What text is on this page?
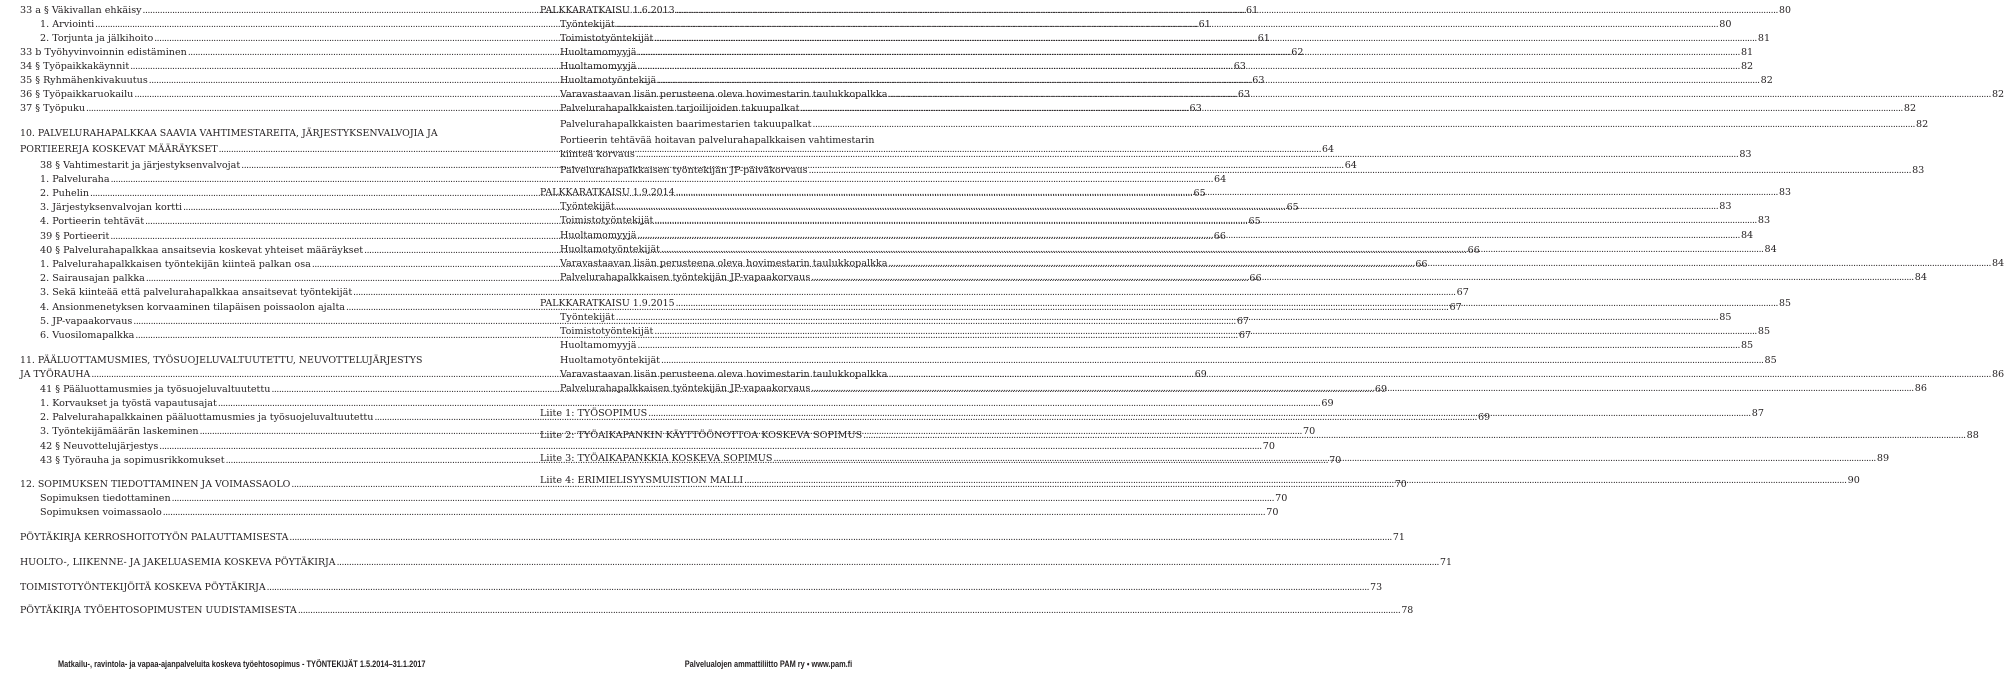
33 a § Väkivallan ehkäisy .....	61
1. Arviointi .....	61
2. Torjunta ja jälkihoito .....	61
33 b Työhyvinvoinnin edistäminen .....	62
34 § Työpaikkakäynnit .....	63
35 § Ryhmähenkivakuutus .....	63
36 § Työpaikkaruokailu .....	63
37 § Työpuku .....	63
10. PALVELURAHAPALKKAA SAAVIA VAHTIMESTAREITA, JÄRJESTYKSENVALVOJIA JA
PORTIEEREJA KOSKEVAT MÄÄRÄYKSET .....	64
38 § Vahtimestarit ja järjestyksenvalvojat .....	64
1. Palveluraha .....	64
2. Puhelin .....	65
3. Järjestyksenvalvojan kortti .....	65
4. Portieerin tehtävät .....	65
39 § Portieerit .....	66
40 § Palvelurahapalkkaa ansaitsevia koskevat yhteiset määräykset .....	66
1. Palvelurahapalkkaisen työntekijän kiinteä palkan osa .....	66
2. Sairausajan palkka .....	66
3. Sekä kiinteää että palvelurahapalkkaa ansaitsevat työntekijät .....	67
4. Ansionmenetyksen korvaaminen tilapäisen poissaolon ajalta .....	67
5. JP-vapaakorvaus .....	67
6. Vuosilomapalkka .....	67
11. PÄÄLUOTTAMUSMIES, TYÖSUOJELUVALTUUTETTU, NEUVOTTELUJÄRJESTYS
JA TYÖRAUHA .....	69
41 § Pääluottamusmies ja työsuojeluvaltuutettu .....	69
1. Korvaukset ja työstä vapautusajat .....	69
2. Palvelurahapalkkainen pääluottamusmies ja työsuojeluvaltuutettu .....	69
3. Työntekijämäärän laskeminen .....	70
42 § Neuvottelujärjestys .....	70
43 § Työrauha ja sopimusrikkomukset .....	70
12. SOPIMUKSEN TIEDOTTAMINEN JA VOIMASSAOLO .....	70
Sopimuksen tiedottaminen .....	70
Sopimuksen voimassaolo .....	70
PÖYTÄKIRJA KERROSHOITOTYÖN PALAUTTAMISESTA .....	71
HUOLTO-, LIIKENNE- JA JAKELUASEMIA KOSKEVA PÖYTÄKIRJA .....	71
TOIMISTOTYÖNTEKIJÖITÄ KOSKEVA PÖYTÄKIRJA .....	73
PÖYTÄKIRJA TYÖEHTOSOPIMUSTEN UUDISTAMISESTA .....	78
PALKKARATKAISU 1.6.2013 .....	80
Työntekijät .....	80
Toimistotyöntekijät .....	81
Huoltamomyyjä .....	81
Huoltamomyyjä .....	82
Huoltamotyöntekijä .....	82
Varavastaavan lisän perusteena oleva hovimestarin taulukkopalkka .....	82
Palvelurahapalkkaisten tarjoilijoiden takuupalkat .....	82
Palvelurahapalkkaisten baarimestarien takuupalkat .....	82
Portieerin tehtävää hoitavan palvelurahapalkkaisen vahtimestarin
kiinteä korvaus .....	83
Palvelurahapalkkaisen työntekijän JP-päiväkorvaus .....	83
PALKKARATKAISU 1.9.2014 .....	83
Työntekijät .....	83
Toimistotyöntekijät .....	83
Huoltamomyyjä .....	84
Huoltamotyöntekijät .....	84
Varavastaavan lisän perusteena oleva hovimestarin taulukkopalkka .....	84
Palvelurahapalkkaisen työntekijän JP-vapaakorvaus .....	84
PALKKARATKAISU 1.9.2015 .....	85
Työntekijät .....	85
Toimistotyöntekijät .....	85
Huoltamomyyjä .....	85
Huoltamotyöntekijät .....	85
Varavastaavan lisän perusteena oleva hovimestarin taulukkopalkka .....	86
Palvelurahapalkkaisen työntekijän JP-vapaakorvaus .....	86
Liite 1: TYÖSOPIMUS .....	87
Liite 2: TYÖAIKAPANKIN KÄYTTÖÖNOTTOA KOSKEVA SOPIMUS .....	88
Liite 3: TYÖAIKAPANKKIA KOSKEVA SOPIMUS .....	89
Liite 4: ERIMIELISYYSMUISTION MALLI .....	90
Matkailu-, ravintola- ja vapaa-ajanpalveluita koskeva työehtosopimus - TYÖNTEKIJÄT 1.5.2014–31.1.2017	Palvelualojen ammattiliitto PAM ry • www.pam.fi
